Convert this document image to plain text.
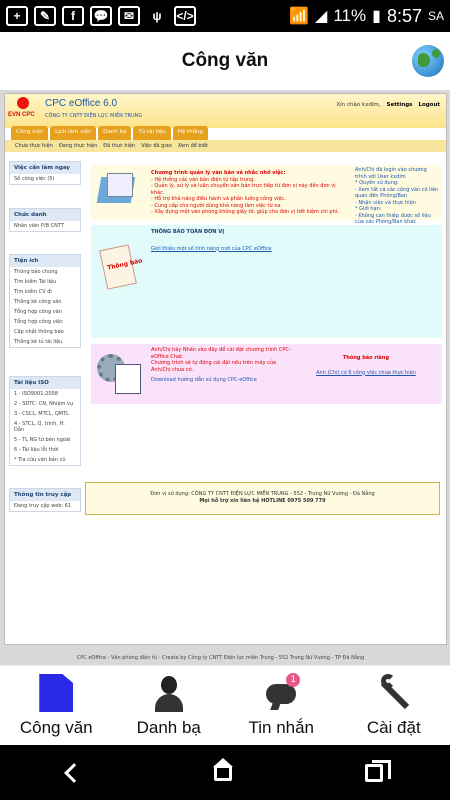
+	✎	f	💬	✉	ψ	</>	📶 ◢ 11% ▮ 8:57 SA
Công văn
EVN CPC
CPC eOffice 6.0
CÔNG TY CNTT ĐIỆN LỰC MIỀN TRUNG
Xin chào kxdlm, Settings Logout
Công việc	Lịch làm việc	Danh bạ	Tủ tài liệu	Hệ thống
Chưa thực hiện Đang thực hiện Đã thực hiện Việc đã giao Xem để biết
Việc cần làm ngay
Số công việc (5)
Chức danh
Nhân viên P/B CNTT
Tiện ích
Thông báo chung
Tìm kiếm Tài liệu
Tìm kiếm CV đi
Thống kê công văn
Tổng hợp công văn
Tổng hợp công việc
Cập nhật thông báo
Thống kê tủ tài liệu
Tài liệu ISO
1 - ISO9001:2008
2 - SĐTC: CN, Nhiệm vụ
3 - CSCL, MTCL, QMTL
4 - STCL, Q. trình, H. Dẫn
5 - TL NG từ bên ngoài
6 - Tài liệu lỗi thời
* Tra cứu văn bản cũ
Thông tin truy cập
Đang truy cập web: 61
Chương trình quản lý văn bản và nhắc nhở việc:
- Hệ thống các văn bản điện tử tập trung.
- Quản lý, xử lý và luân chuyển văn bản trực tiếp từ đơn vị này đến đơn vị khác.
- Hỗ trợ khả năng điều hành và phân luồng công việc.
- Cung cấp cho người dùng khả năng làm việc từ xa.
- Xây dựng một văn phòng không giấy tờ, giúp cho đơn vị tiết kiệm chi phí.
Anh/Chị đã login vào chương trình với User kxdlm
* Quyền sử dụng:
- Xem tất cả các công văn có liên quan đến Phòng/Ban
- Nhận việc và thực hiện
* Giới hạn:
- Không can thiệp được số liệu của các Phòng/Ban khác
Thông báo
THÔNG BÁO TOÀN ĐƠN VỊ
Giới thiệu một số tính năng mới của CPC eOffice
Anh/Chị hãy Nhấn vào đây để cài đặt chương trình CPC-eOffice Chat.
Chương trình sẽ tự động cài đặt nếu trên máy của Anh/Chị chưa có.
Download hướng dẫn sử dụng CPC-eOffice
Thông báo riêng
Anh (Chị) có 6 công việc chưa thực hiện
Đơn vị sử dụng: CÔNG TY CNTT ĐIỆN LỰC MIỀN TRUNG - 552 - Trưng Nữ Vương - Đà Nẵng
Mọi hỗ trợ xin liên hệ HOTLINE 0975 509 779
CPC eOffice - Văn phòng điện tử - Create by Công ty CNTT Điện lực miền Trung - 552 Trưng Nữ Vương - TP Đà Nẵng
Công văn	Danh bạ
1
Tin nhắn	Cài đặt
